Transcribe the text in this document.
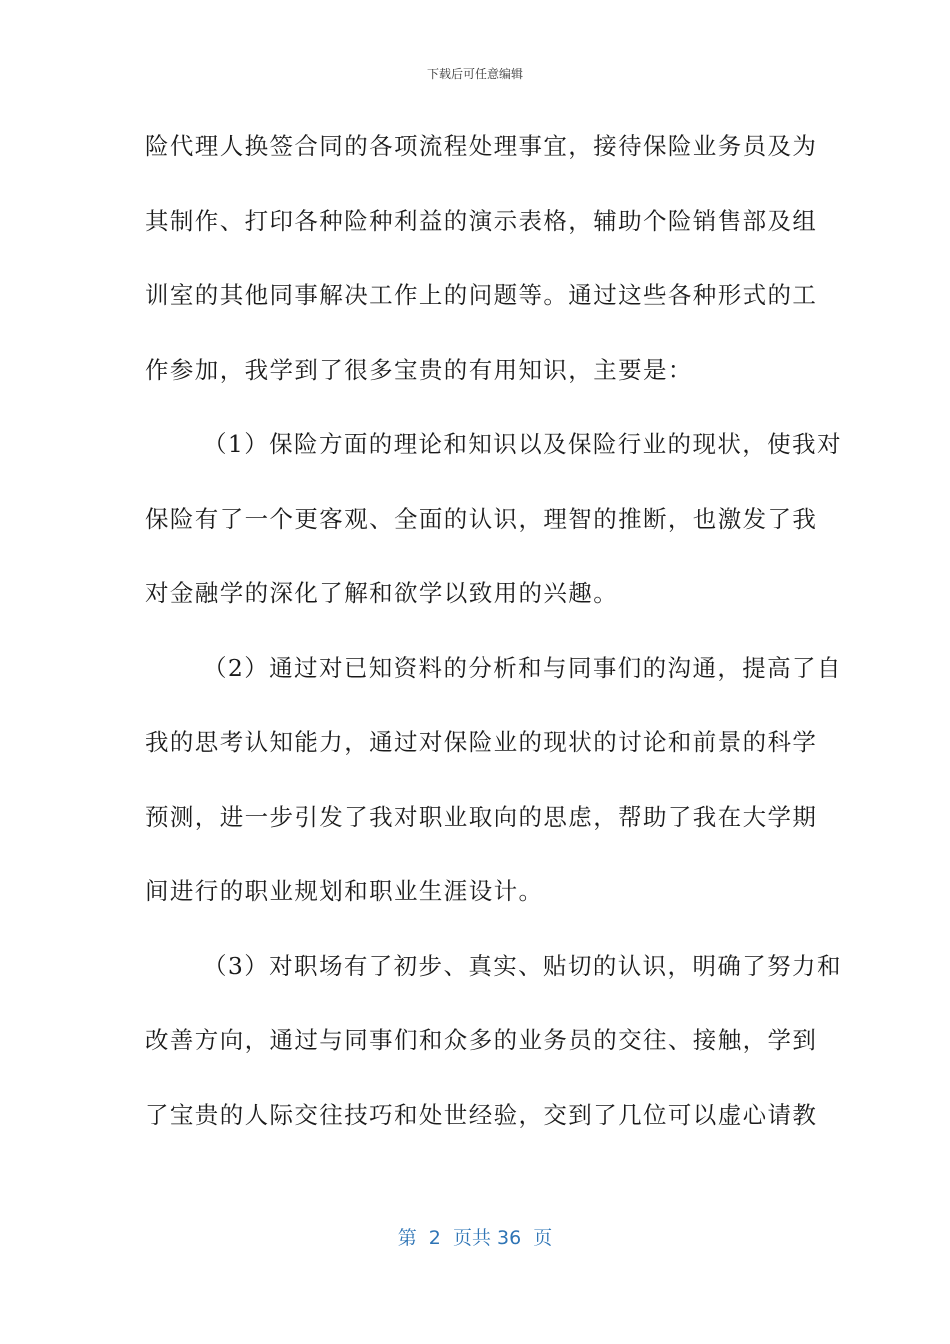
下载后可任意编辑
险代理人换签合同的各项流程处理事宜，接待保险业务员及为
其制作、打印各种险种利益的演示表格，辅助个险销售部及组
训室的其他同事解决工作上的问题等。通过这些各种形式的工
作参加，我学到了很多宝贵的有用知识，主要是：
（1）保险方面的理论和知识以及保险行业的现状，使我对
保险有了一个更客观、全面的认识，理智的推断，也激发了我
对金融学的深化了解和欲学以致用的兴趣。
（2）通过对已知资料的分析和与同事们的沟通，提高了自
我的思考认知能力，通过对保险业的现状的讨论和前景的科学
预测，进一步引发了我对职业取向的思虑，帮助了我在大学期
间进行的职业规划和职业生涯设计。
（3）对职场有了初步、真实、贴切的认识，明确了努力和
改善方向，通过与同事们和众多的业务员的交往、接触，学到
了宝贵的人际交往技巧和处世经验，交到了几位可以虚心请教
第  2  页共 36  页
